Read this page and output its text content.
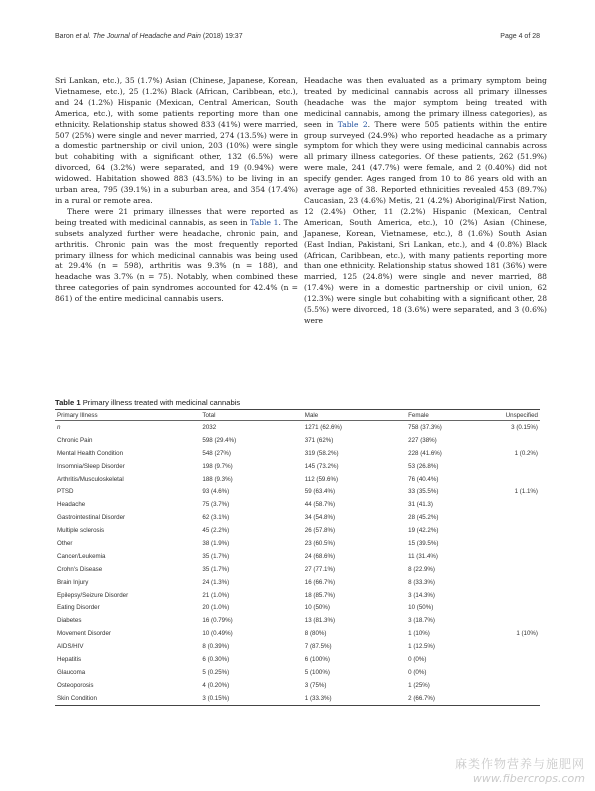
Baron et al. The Journal of Headache and Pain (2018) 19:37	Page 4 of 28

Sri Lankan, etc.), 35 (1.7%) Asian (Chinese, Japanese, Korean, Vietnamese, etc.), 25 (1.2%) Black (African, Caribbean, etc.), and 24 (1.2%) Hispanic (Mexican, Central American, South America, etc.), with some patients reporting more than one ethnicity. Relationship status showed 833 (41%) were married, 507 (25%) were single and never married, 274 (13.5%) were in a domestic partnership or civil union, 203 (10%) were single but cohabiting with a significant other, 132 (6.5%) were divorced, 64 (3.2%) were separated, and 19 (0.94%) were widowed. Habitation showed 883 (43.5%) to be living in an urban area, 795 (39.1%) in a suburban area, and 354 (17.4%) in a rural or remote area.

There were 21 primary illnesses that were reported as being treated with medicinal cannabis, as seen in Table 1. The subsets analyzed further were headache, chronic pain, and arthritis. Chronic pain was the most frequently reported primary illness for which medicinal cannabis was being used at 29.4% (n = 598), arthritis was 9.3% (n = 188), and headache was 3.7% (n = 75). Notably, when combined these three categories of pain syndromes accounted for 42.4% (n = 861) of the entire medicinal cannabis users.

Headache was then evaluated as a primary symptom being treated by medicinal cannabis across all primary illnesses (headache was the major symptom being treated with medicinal cannabis, among the primary illness categories), as seen in Table 2. There were 505 patients within the entire group surveyed (24.9%) who reported headache as a primary symptom for which they were using medicinal cannabis across all primary illness categories. Of these patients, 262 (51.9%) were male, 241 (47.7%) were female, and 2 (0.40%) did not specify gender. Ages ranged from 10 to 86 years old with an average age of 38. Reported ethnicities revealed 453 (89.7%) Caucasian, 23 (4.6%) Metis, 21 (4.2%) Aboriginal/First Nation, 12 (2.4%) Other, 11 (2.2%) Hispanic (Mexican, Central American, South America, etc.), 10 (2%) Asian (Chinese, Japanese, Korean, Vietnamese, etc.), 8 (1.6%) South Asian (East Indian, Pakistani, Sri Lankan, etc.), and 4 (0.8%) Black (African, Caribbean, etc.), with many patients reporting more than one ethnicity. Relationship status showed 181 (36%) were married, 125 (24.8%) were single and never married, 88 (17.4%) were in a domestic partnership or civil union, 62 (12.3%) were single but cohabiting with a significant other, 28 (5.5%) were divorced, 18 (3.6%) were separated, and 3 (0.6%) were

Table 1 Primary illness treated with medicinal cannabis
Primary Illness	Total	Male	Female	Unspecified
n	2032	1271 (62.6%)	758 (37.3%)	3 (0.15%)
Chronic Pain	598 (29.4%)	371 (62%)	227 (38%)	
Mental Health Condition	548 (27%)	319 (58.2%)	228 (41.6%)	1 (0.2%)
Insomnia/Sleep Disorder	198 (9.7%)	145 (73.2%)	53 (26.8%)	
Arthritis/Musculoskeletal	188 (9.3%)	112 (59.6%)	76 (40.4%)	
PTSD	93 (4.6%)	59 (63.4%)	33 (35.5%)	1 (1.1%)
Headache	75 (3.7%)	44 (58.7%)	31 (41.3)	
Gastrointestinal Disorder	62 (3.1%)	34 (54.8%)	28 (45.2%)	
Multiple sclerosis	45 (2.2%)	26 (57.8%)	19 (42.2%)	
Other	38 (1.9%)	23 (60.5%)	15 (39.5%)	
Cancer/Leukemia	35 (1.7%)	24 (68.6%)	11 (31.4%)	
Crohn's Disease	35 (1.7%)	27 (77.1%)	8 (22.9%)	
Brain Injury	24 (1.3%)	16 (66.7%)	8 (33.3%)	
Epilepsy/Seizure Disorder	21 (1.0%)	18 (85.7%)	3 (14.3%)	
Eating Disorder	20 (1.0%)	10 (50%)	10 (50%)	
Diabetes	16 (0.79%)	13 (81.3%)	3 (18.7%)	
Movement Disorder	10 (0.49%)	8 (80%)	1 (10%)	1 (10%)
AIDS/HIV	8 (0.39%)	7 (87.5%)	1 (12.5%)	
Hepatitis	6 (0.30%)	6 (100%)	0 (0%)	
Glaucoma	5 (0.25%)	5 (100%)	0 (0%)	
Osteoporosis	4 (0.20%)	3 (75%)	1 (25%)	
Skin Condition	3 (0.15%)	1 (33.3%)	2 (66.7%)	
麻类作物营养与施肥网
www.fibercrops.com
